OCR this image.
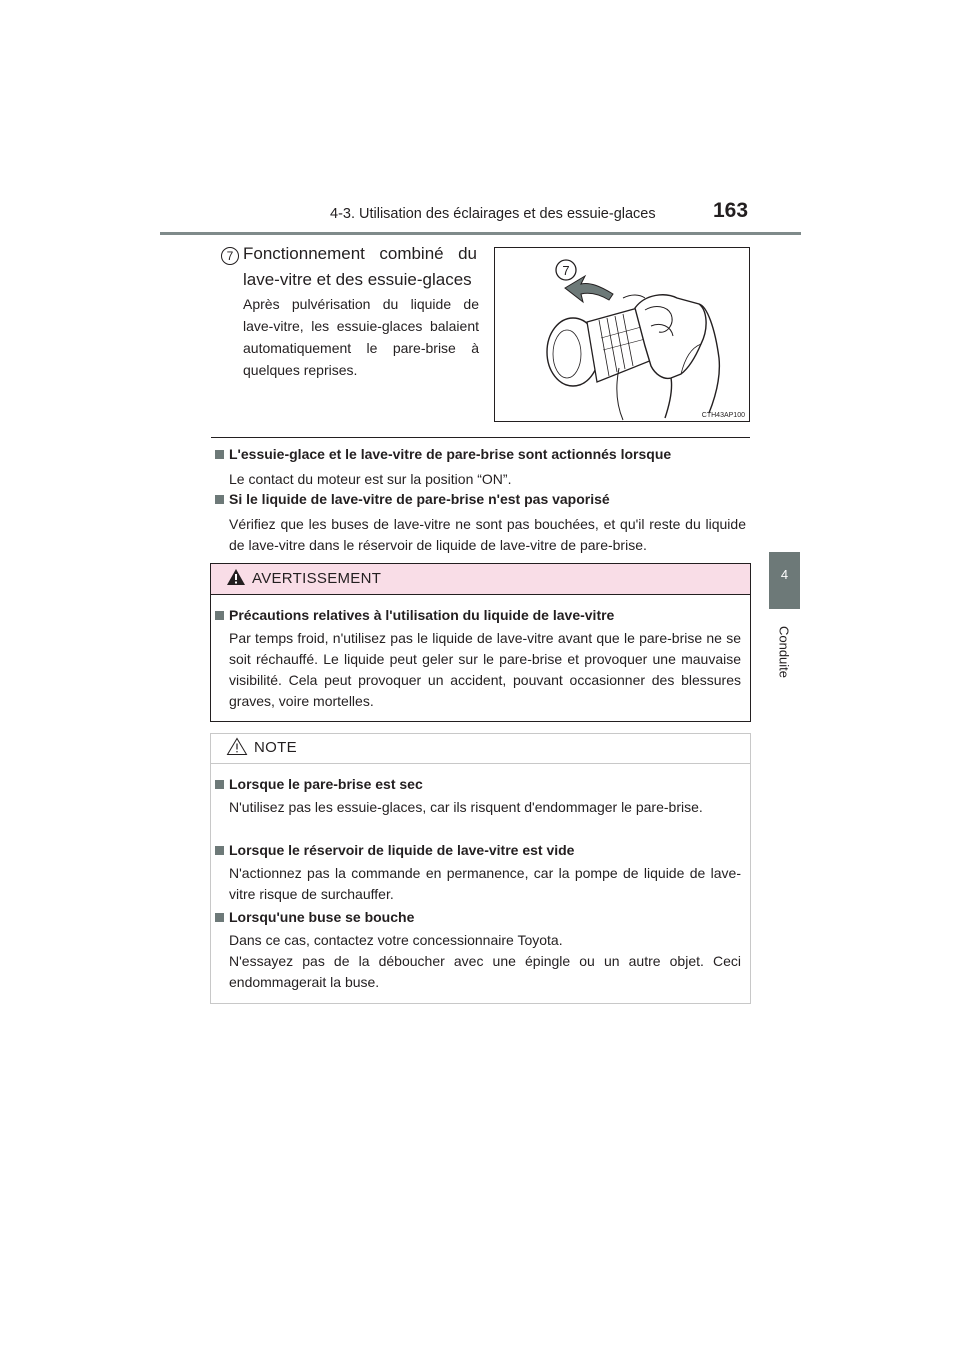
4-3. Utilisation des éclairages et des essuie-glaces	163
4
Conduite
7 Fonctionnement combiné du lave-vitre et des essuie-glaces
Après pulvérisation du liquide de lave-vitre, les essuie-glaces balaient automatiquement le pare-brise à quelques reprises.
7
CTH43AP100
L'essuie-glace et le lave-vitre de pare-brise sont actionnés lorsque
Le contact du moteur est sur la position “ON”.
Si le liquide de lave-vitre de pare-brise n'est pas vaporisé
Vérifiez que les buses de lave-vitre ne sont pas bouchées, et qu'il reste du liquide de lave-vitre dans le réservoir de liquide de lave-vitre de pare-brise.
AVERTISSEMENT
Précautions relatives à l'utilisation du liquide de lave-vitre
Par temps froid, n'utilisez pas le liquide de lave-vitre avant que le pare-brise ne se soit réchauffé. Le liquide peut geler sur le pare-brise et provoquer une mauvaise visibilité. Cela peut provoquer un accident, pouvant occasionner des blessures graves, voire mortelles.
NOTE
Lorsque le pare-brise est sec
N'utilisez pas les essuie-glaces, car ils risquent d'endommager le pare-brise.
Lorsque le réservoir de liquide de lave-vitre est vide
N'actionnez pas la commande en permanence, car la pompe de liquide de lave-vitre risque de surchauffer.
Lorsqu'une buse se bouche
Dans ce cas, contactez votre concessionnaire Toyota.
N'essayez pas de la déboucher avec une épingle ou un autre objet. Ceci endommagerait la buse.
